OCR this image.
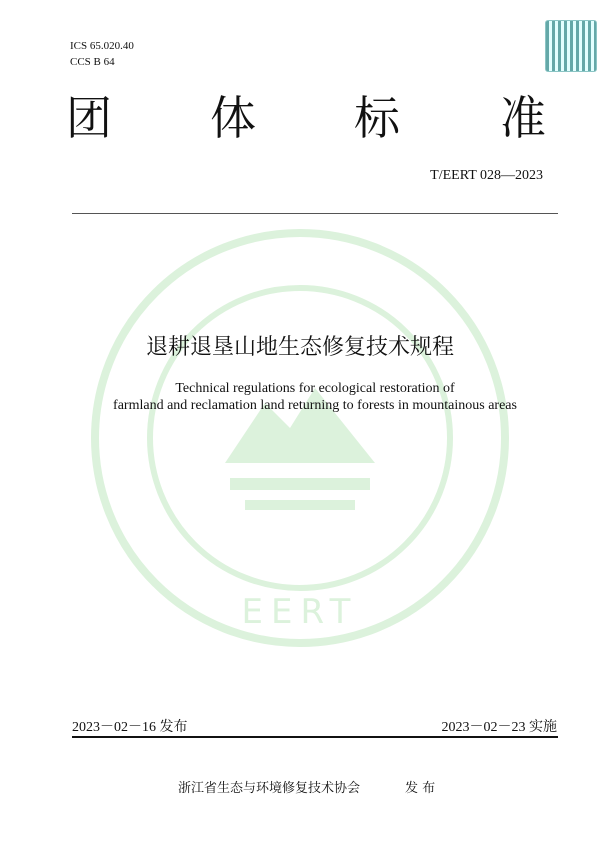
ICS 65.020.40
CCS B 64
团 体 标 准
T/EERT 028—2023
EERT
退耕退垦山地生态修复技术规程
Technical regulations for ecological restoration of
farmland and reclamation land returning to forests in mountainous areas
2023－02－16 发布	2023－02－23 实施
浙江省生态与环境修复技术协会	发 布
